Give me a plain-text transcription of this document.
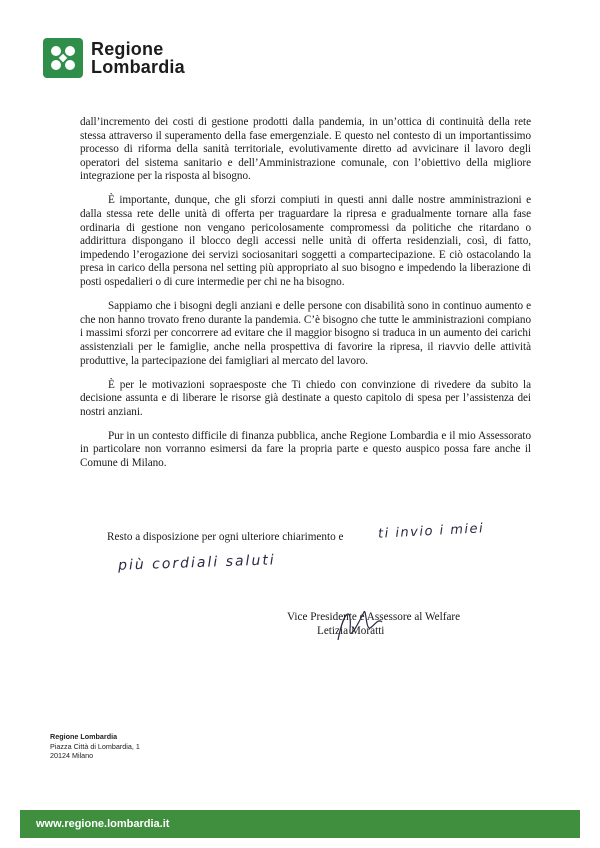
Regione
Lombardia

dall’incremento dei costi di gestione prodotti dalla pandemia, in un’ottica di continuità della rete stessa attraverso il superamento della fase emergenziale. E questo nel contesto di un importantissimo processo di riforma della sanità territoriale, evolutivamente diretto ad avvicinare il lavoro degli operatori del sistema sanitario e dell’Amministrazione comunale, con l’obiettivo della migliore integrazione per la risposta al bisogno.

È importante, dunque, che gli sforzi compiuti in questi anni dalle nostre amministrazioni e dalla stessa rete delle unità di offerta per traguardare la ripresa e gradualmente tornare alla fase ordinaria di gestione non vengano pericolosamente compromessi da politiche che ritardano o addirittura dispongano il blocco degli accessi nelle unità di offerta residenziali, così, di fatto, impedendo l’erogazione dei servizi sociosanitari soggetti a compartecipazione. E ciò ostacolando la presa in carico della persona nel setting più appropriato al suo bisogno e impedendo la liberazione di posti ospedalieri o di cure intermedie per chi ne ha bisogno.

Sappiamo che i bisogni degli anziani e delle persone con disabilità sono in continuo aumento e che non hanno trovato freno durante la pandemia. C’è bisogno che tutte le amministrazioni compiano i massimi sforzi per concorrere ad evitare che il maggior bisogno si traduca in un aumento dei carichi assistenziali per le famiglie, anche nella prospettiva di favorire la ripresa, il riavvio delle attività produttive, la partecipazione dei famigliari al mercato del lavoro.

È per le motivazioni sopraesposte che Ti chiedo con convinzione di rivedere da subito la decisione assunta e di liberare le risorse già destinate a questo capitolo di spesa per l’assistenza dei nostri anziani.

Pur in un contesto difficile di finanza pubblica, anche Regione Lombardia e il mio Assessorato in particolare non vorranno esimersi da fare la propria parte e questo auspico possa fare anche il Comune di Milano.

Resto a disposizione per ogni ulteriore chiarimento e	ti invio i miei
più cordiali saluti
Vice Presidente e Assessore al Welfare
Letizia Moratti
Regione Lombardia
Piazza Città di Lombardia, 1
20124 Milano
www.regione.lombardia.it
